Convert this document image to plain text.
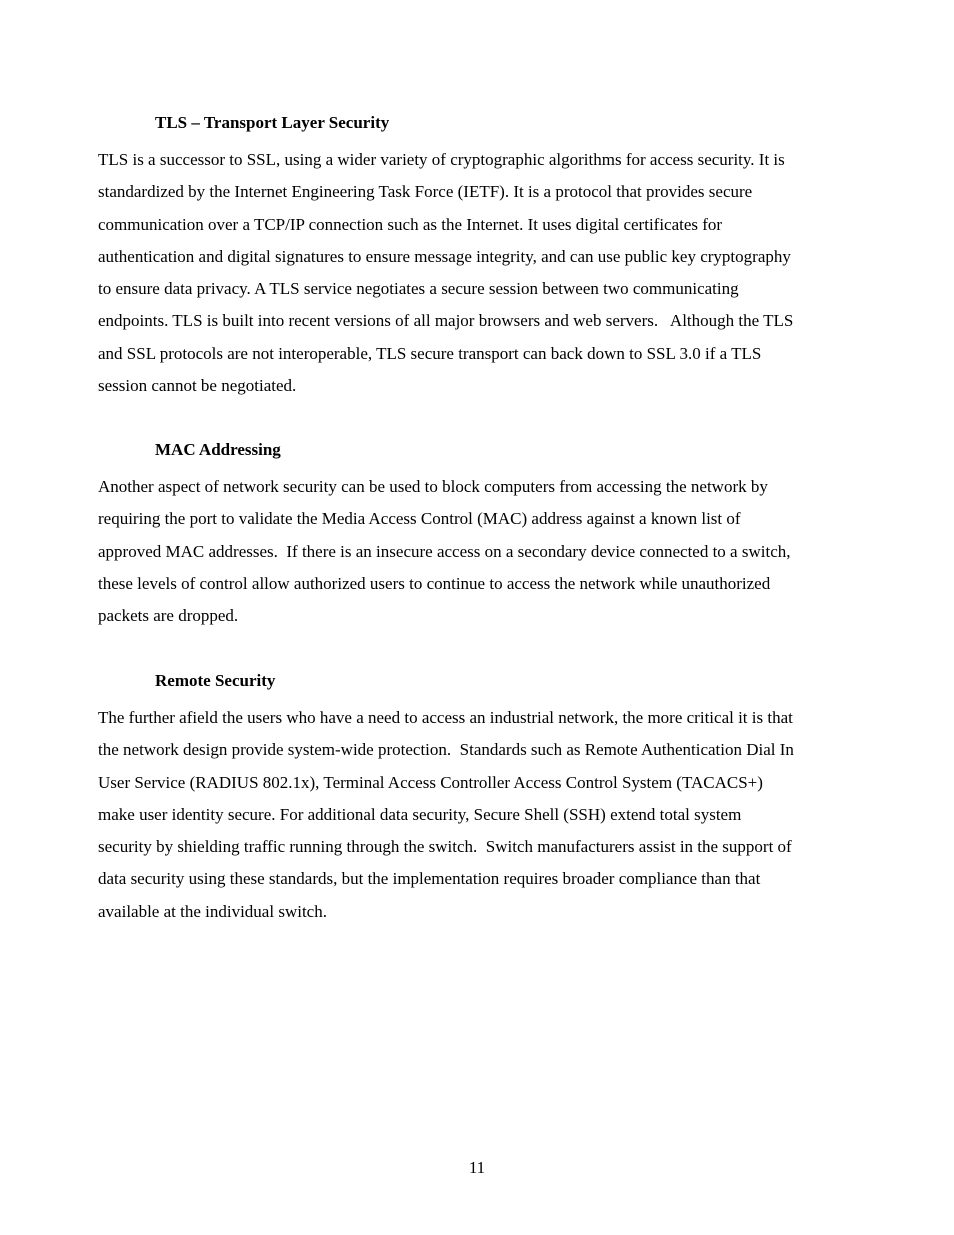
TLS – Transport Layer Security
TLS is a successor to SSL, using a wider variety of cryptographic algorithms for access security. It is
standardized by the Internet Engineering Task Force (IETF). It is a protocol that provides secure
communication over a TCP/IP connection such as the Internet. It uses digital certificates for
authentication and digital signatures to ensure message integrity, and can use public key cryptography
to ensure data privacy. A TLS service negotiates a secure session between two communicating
endpoints. TLS is built into recent versions of all major browsers and web servers.   Although the TLS
and SSL protocols are not interoperable, TLS secure transport can back down to SSL 3.0 if a TLS
session cannot be negotiated.
MAC Addressing
Another aspect of network security can be used to block computers from accessing the network by
requiring the port to validate the Media Access Control (MAC) address against a known list of
approved MAC addresses.  If there is an insecure access on a secondary device connected to a switch,
these levels of control allow authorized users to continue to access the network while unauthorized
packets are dropped.
Remote Security
The further afield the users who have a need to access an industrial network, the more critical it is that
the network design provide system-wide protection.  Standards such as Remote Authentication Dial In
User Service (RADIUS 802.1x), Terminal Access Controller Access Control System (TACACS+)
make user identity secure. For additional data security, Secure Shell (SSH) extend total system
security by shielding traffic running through the switch.  Switch manufacturers assist in the support of
data security using these standards, but the implementation requires broader compliance than that
available at the individual switch.
11
